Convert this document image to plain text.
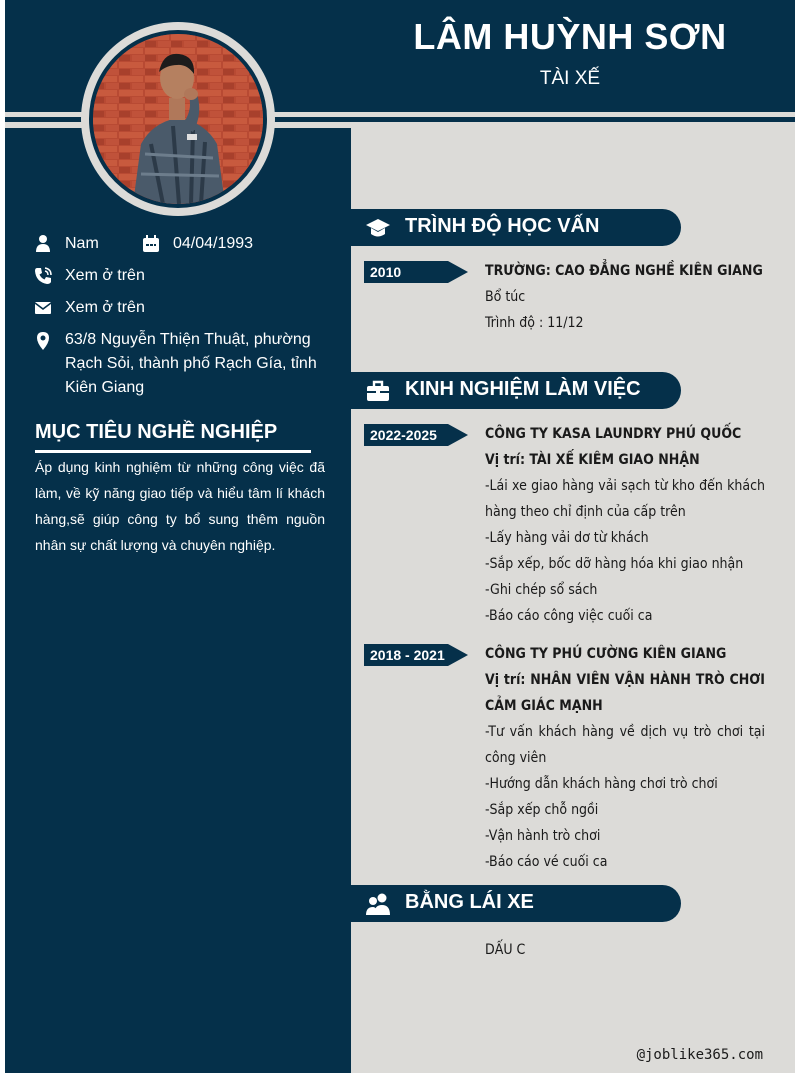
LÂM HUỲNH SƠN
TÀI XẾ
Nam	04/04/1993
Xem ở trên
Xem ở trên
63/8 Nguyễn Thiện Thuật, phường Rạch Sỏi, thành phố Rạch Gía, tỉnh Kiên Giang
MỤC TIÊU NGHỀ NGHIỆP
Áp dụng kinh nghiệm từ những công việc đã làm, về kỹ năng giao tiếp và hiểu tâm lí khách hàng,sẽ giúp công ty bổ sung thêm nguồn nhân sự chất lượng và chuyên nghiệp.
TRÌNH ĐỘ HỌC VẤN
2010	TRƯỜNG: CAO ĐẲNG NGHỀ KIÊN GIANG
Bổ túc
Trình độ : 11/12
KINH NGHIỆM LÀM VIỆC
2022-2025	CÔNG TY KASA LAUNDRY PHÚ QUỐC
Vị trí: TÀI XẾ KIÊM GIAO NHẬN
-Lái xe giao hàng vải sạch từ kho đến khách hàng theo chỉ định của cấp trên
-Lấy hàng vải dơ từ khách
-Sắp xếp, bốc dỡ hàng hóa khi giao nhận
-Ghi chép sổ sách
-Báo cáo công việc cuối ca
2018 - 2021	CÔNG TY PHÚ CƯỜNG KIÊN GIANG
Vị trí: NHÂN VIÊN VẬN HÀNH TRÒ CHƠI CẢM GIÁC MẠNH
-Tư vấn khách hàng về dịch vụ trò chơi tại công viên
-Hướng dẫn khách hàng chơi trò chơi
-Sắp xếp chỗ ngồi
-Vận hành trò chơi
-Báo cáo vé cuối ca
BẰNG LÁI XE
DẤU C
@joblike365.com
